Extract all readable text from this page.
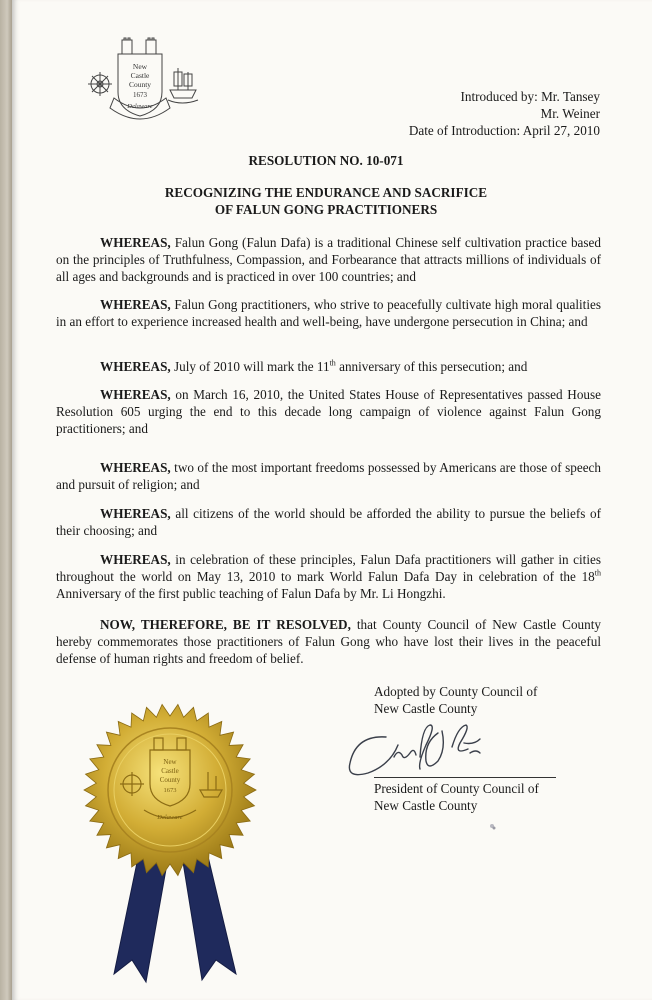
New
Castle
County
1673
Delaware
Introduced by: Mr. Tansey
Mr. Weiner
Date of Introduction: April 27, 2010
RESOLUTION NO. 10-071
RECOGNIZING THE ENDURANCE AND SACRIFICE
OF FALUN GONG PRACTITIONERS
WHEREAS, Falun Gong (Falun Dafa) is a traditional Chinese self cultivation practice based on the principles of Truthfulness, Compassion, and Forbearance that attracts millions of individuals of all ages and backgrounds and is practiced in over 100 countries; and
WHEREAS, Falun Gong practitioners, who strive to peacefully cultivate high moral qualities in an effort to experience increased health and well-being, have undergone persecution in China; and
WHEREAS, July of 2010 will mark the 11th anniversary of this persecution; and
WHEREAS, on March 16, 2010, the United States House of Representatives passed House Resolution 605 urging the end to this decade long campaign of violence against Falun Gong practitioners; and
WHEREAS, two of the most important freedoms possessed by Americans are those of speech and pursuit of religion; and
WHEREAS, all citizens of the world should be afforded the ability to pursue the beliefs of their choosing; and
WHEREAS, in celebration of these principles, Falun Dafa practitioners will gather in cities throughout the world on May 13, 2010 to mark World Falun Dafa Day in celebration of the 18th Anniversary of the first public teaching of Falun Dafa by Mr. Li Hongzhi.
NOW, THEREFORE, BE IT RESOLVED, that County Council of New Castle County hereby commemorates those practitioners of Falun Gong who have lost their lives in the peaceful defense of human rights and freedom of belief.
Adopted by County Council of
New Castle County
President of County Council of
New Castle County
New
Castle
County
1673
Delaware
